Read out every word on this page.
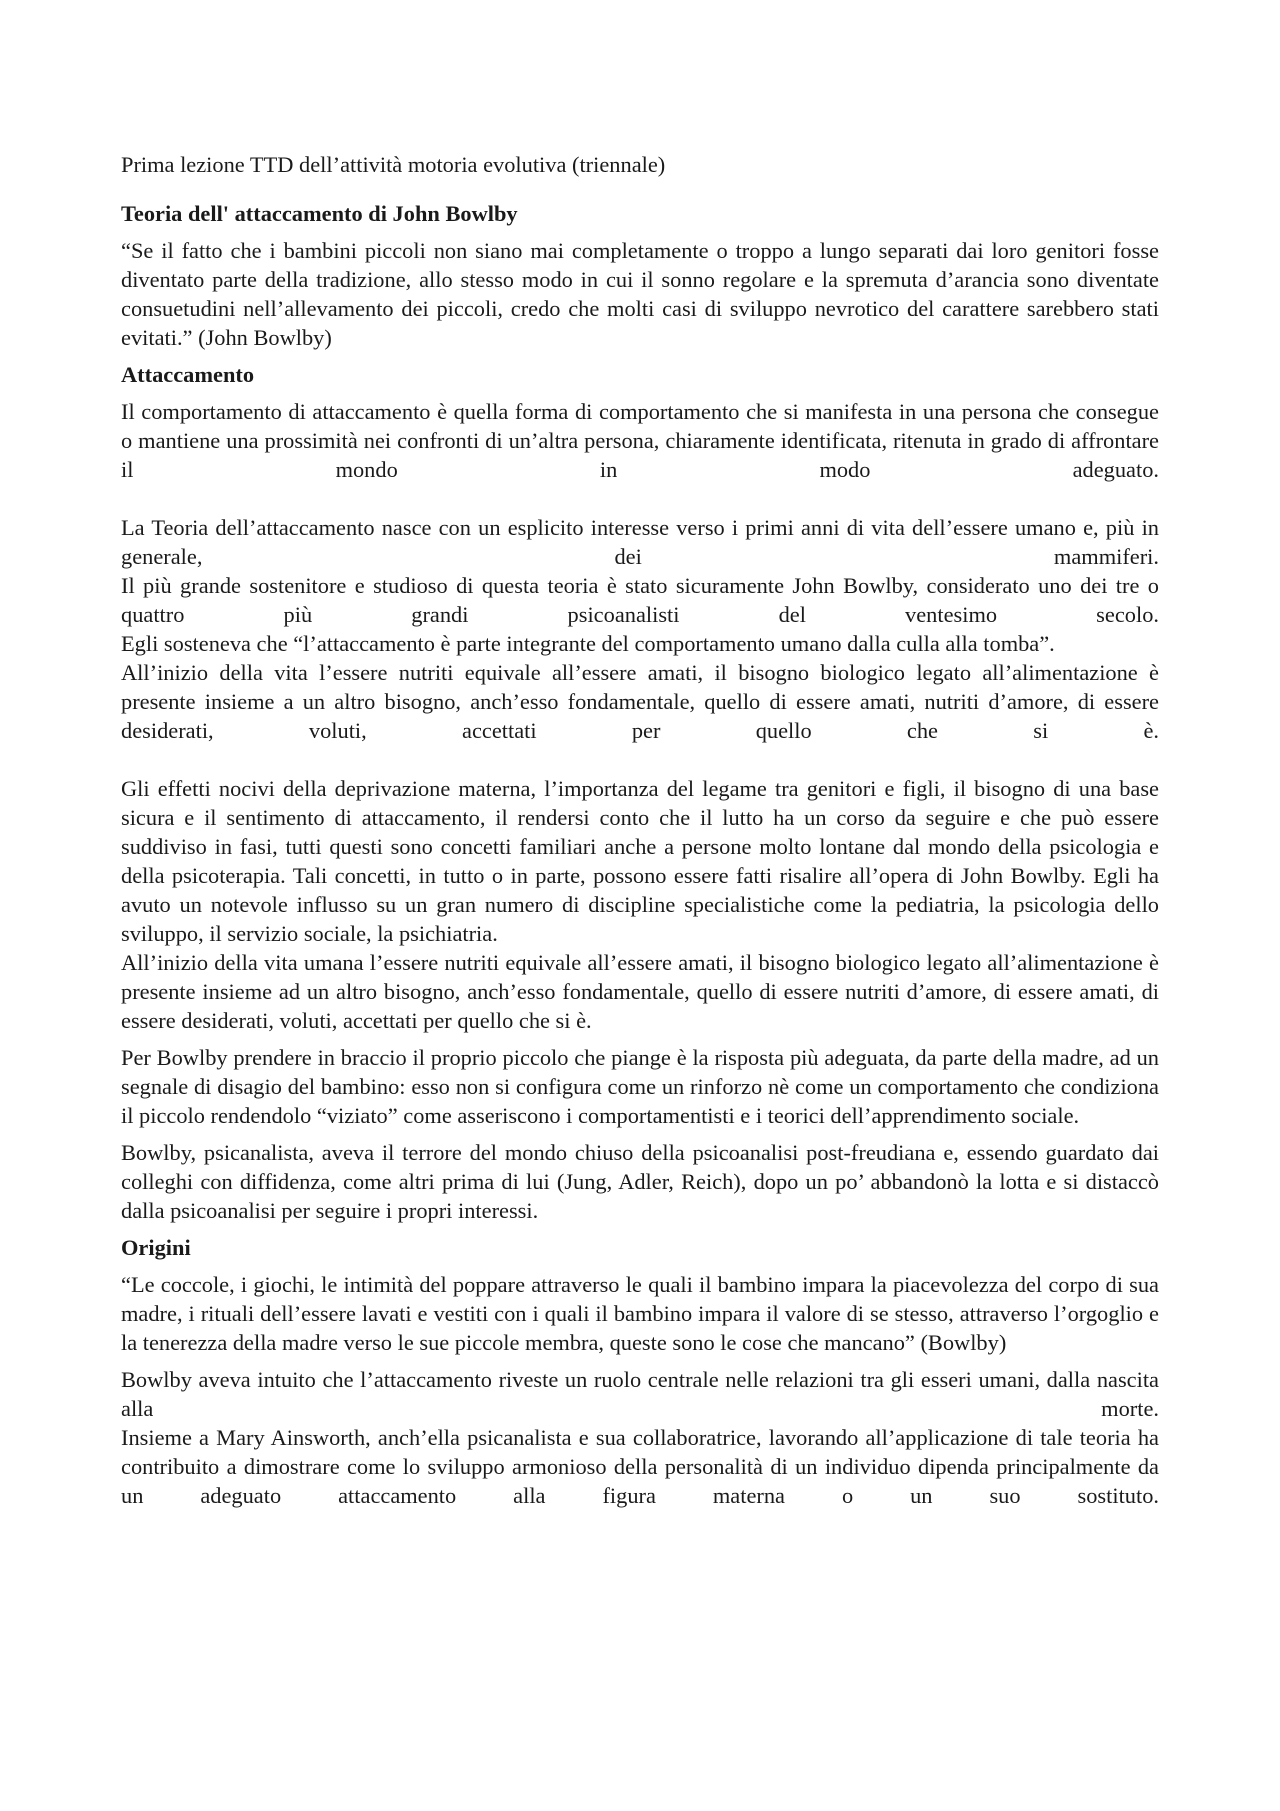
Prima lezione TTD dell’attività motoria evolutiva (triennale)
Teoria dell' attaccamento di John Bowlby
“Se il fatto che i bambini piccoli non siano mai completamente o troppo a lungo separati dai loro genitori fosse diventato parte della tradizione, allo stesso modo in cui il sonno regolare e la spremuta d’arancia sono diventate consuetudini nell’allevamento dei piccoli, credo che molti casi di sviluppo nevrotico del carattere sarebbero stati evitati.” (John Bowlby)
Attaccamento
Il comportamento di attaccamento è quella forma di comportamento che si manifesta in una persona che consegue o mantiene una prossimità nei confronti di un’altra persona, chiaramente identificata, ritenuta in grado di affrontare il mondo in modo adeguato.
La Teoria dell’attaccamento nasce con un esplicito interesse verso i primi anni di vita dell’essere umano e, più in generale, dei mammiferi.
Il più grande sostenitore e studioso di questa teoria è stato sicuramente John Bowlby, considerato uno dei tre o quattro più grandi psicoanalisti del ventesimo secolo.
Egli sosteneva che “l’attaccamento è parte integrante del comportamento umano dalla culla alla tomba”.
All’inizio della vita l’essere nutriti equivale all’essere amati, il bisogno biologico legato all’alimentazione è presente insieme a un altro bisogno, anch’esso fondamentale, quello di essere amati, nutriti d’amore, di essere desiderati, voluti, accettati per quello che si è.
Gli effetti nocivi della deprivazione materna, l’importanza del legame tra genitori e figli, il bisogno di una base sicura e il sentimento di attaccamento, il rendersi conto che il lutto ha un corso da seguire e che può essere suddiviso in fasi, tutti questi sono concetti familiari anche a persone molto lontane dal mondo della psicologia e della psicoterapia. Tali concetti, in tutto o in parte, possono essere fatti risalire all’opera di John Bowlby. Egli ha avuto un notevole influsso su un gran numero di discipline specialistiche come la pediatria, la psicologia dello sviluppo, il servizio sociale, la psichiatria.
All’inizio della vita umana l’essere nutriti equivale all’essere amati, il bisogno biologico legato all’alimentazione è presente insieme ad un altro bisogno, anch’esso fondamentale, quello di essere nutriti d’amore, di essere amati, di essere desiderati, voluti, accettati per quello che si è.
Per Bowlby prendere in braccio il proprio piccolo che piange è la risposta più adeguata, da parte della madre, ad un segnale di disagio del bambino: esso non si configura come un rinforzo nè come un comportamento che condiziona il piccolo rendendolo “viziato” come asseriscono i comportamentisti e i teorici dell’apprendimento sociale.
Bowlby, psicanalista, aveva il terrore del mondo chiuso della psicoanalisi post-freudiana e, essendo guardato dai colleghi con diffidenza, come altri prima di lui (Jung, Adler, Reich), dopo un po’ abbandonò la lotta e si distaccò dalla psicoanalisi per seguire i propri interessi.
Origini
“Le coccole, i giochi, le intimità del poppare attraverso le quali il bambino impara la piacevolezza del corpo di sua madre, i rituali dell’essere lavati e vestiti con i quali il bambino impara il valore di se stesso, attraverso l’orgoglio e la tenerezza della madre verso le sue piccole membra, queste sono le cose che mancano” (Bowlby)
Bowlby aveva intuito che l’attaccamento riveste un ruolo centrale nelle relazioni tra gli esseri umani, dalla nascita alla morte.
Insieme a Mary Ainsworth, anch’ella psicanalista e sua collaboratrice, lavorando all’applicazione di tale teoria ha contribuito a dimostrare come lo sviluppo armonioso della personalità di un individuo dipenda principalmente da un adeguato attaccamento alla figura materna o un suo sostituto.
